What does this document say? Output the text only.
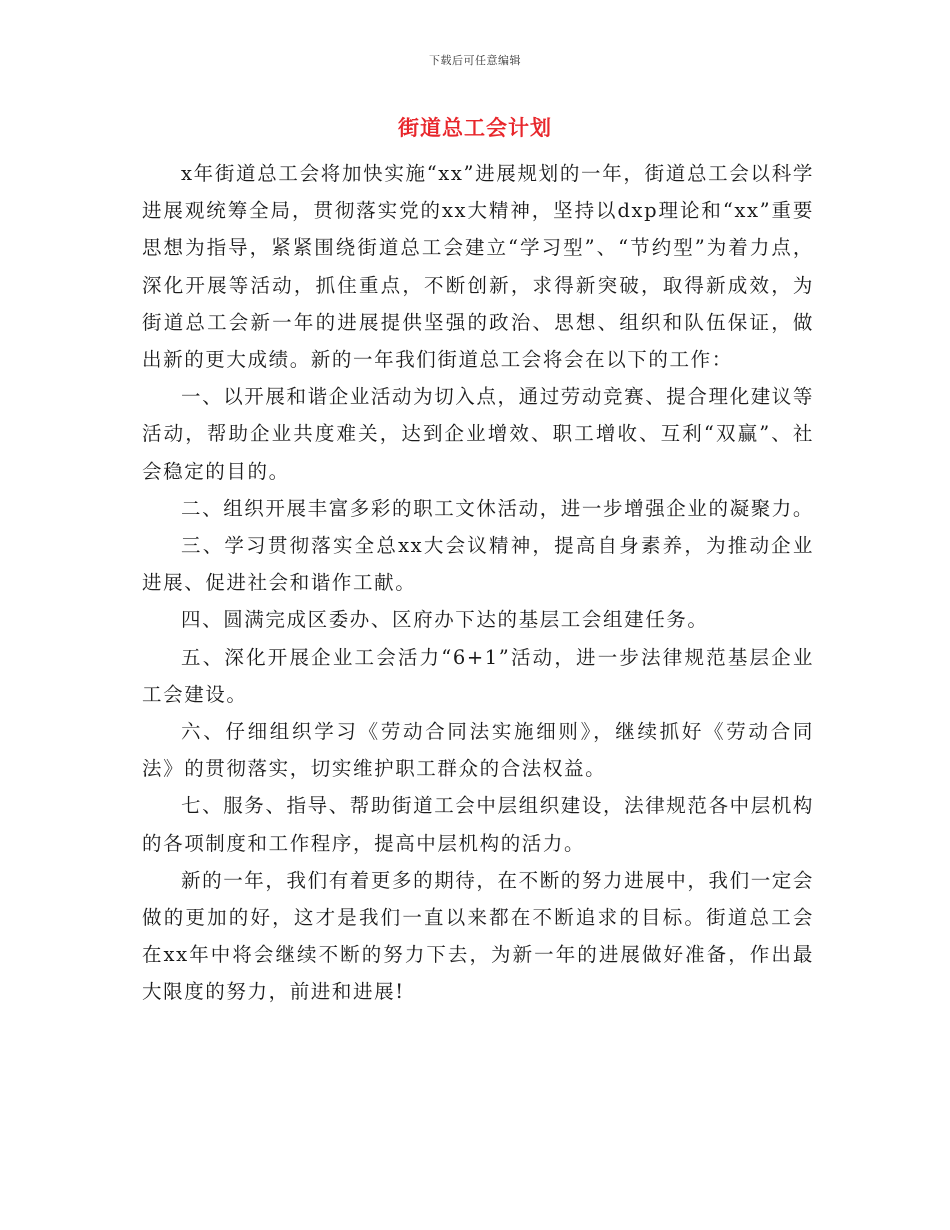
下载后可任意编辑
街道总工会计划

x年街道总工会将加快实施“xx”进展规划的一年，街道总工会以科学进展观统筹全局，贯彻落实党的xx大精神，坚持以dxp理论和“xx”重要思想为指导，紧紧围绕街道总工会建立“学习型”、“节约型”为着力点，深化开展等活动，抓住重点，不断创新，求得新突破，取得新成效，为街道总工会新一年的进展提供坚强的政治、思想、组织和队伍保证，做出新的更大成绩。新的一年我们街道总工会将会在以下的工作：

一、以开展和谐企业活动为切入点，通过劳动竞赛、提合理化建议等活动，帮助企业共度难关，达到企业增效、职工增收、互利“双赢”、社会稳定的目的。

二、组织开展丰富多彩的职工文休活动，进一步增强企业的凝聚力。

三、学习贯彻落实全总xx大会议精神，提高自身素养，为推动企业进展、促进社会和谐作工献。

四、圆满完成区委办、区府办下达的基层工会组建任务。

五、深化开展企业工会活力“6+1”活动，进一步法律规范基层企业工会建设。

六、仔细组织学习《劳动合同法实施细则》，继续抓好《劳动合同法》的贯彻落实，切实维护职工群众的合法权益。

七、服务、指导、帮助街道工会中层组织建设，法律规范各中层机构的各项制度和工作程序，提高中层机构的活力。

新的一年，我们有着更多的期待，在不断的努力进展中，我们一定会做的更加的好，这才是我们一直以来都在不断追求的目标。街道总工会在xx年中将会继续不断的努力下去，为新一年的进展做好准备，作出最大限度的努力，前进和进展!
